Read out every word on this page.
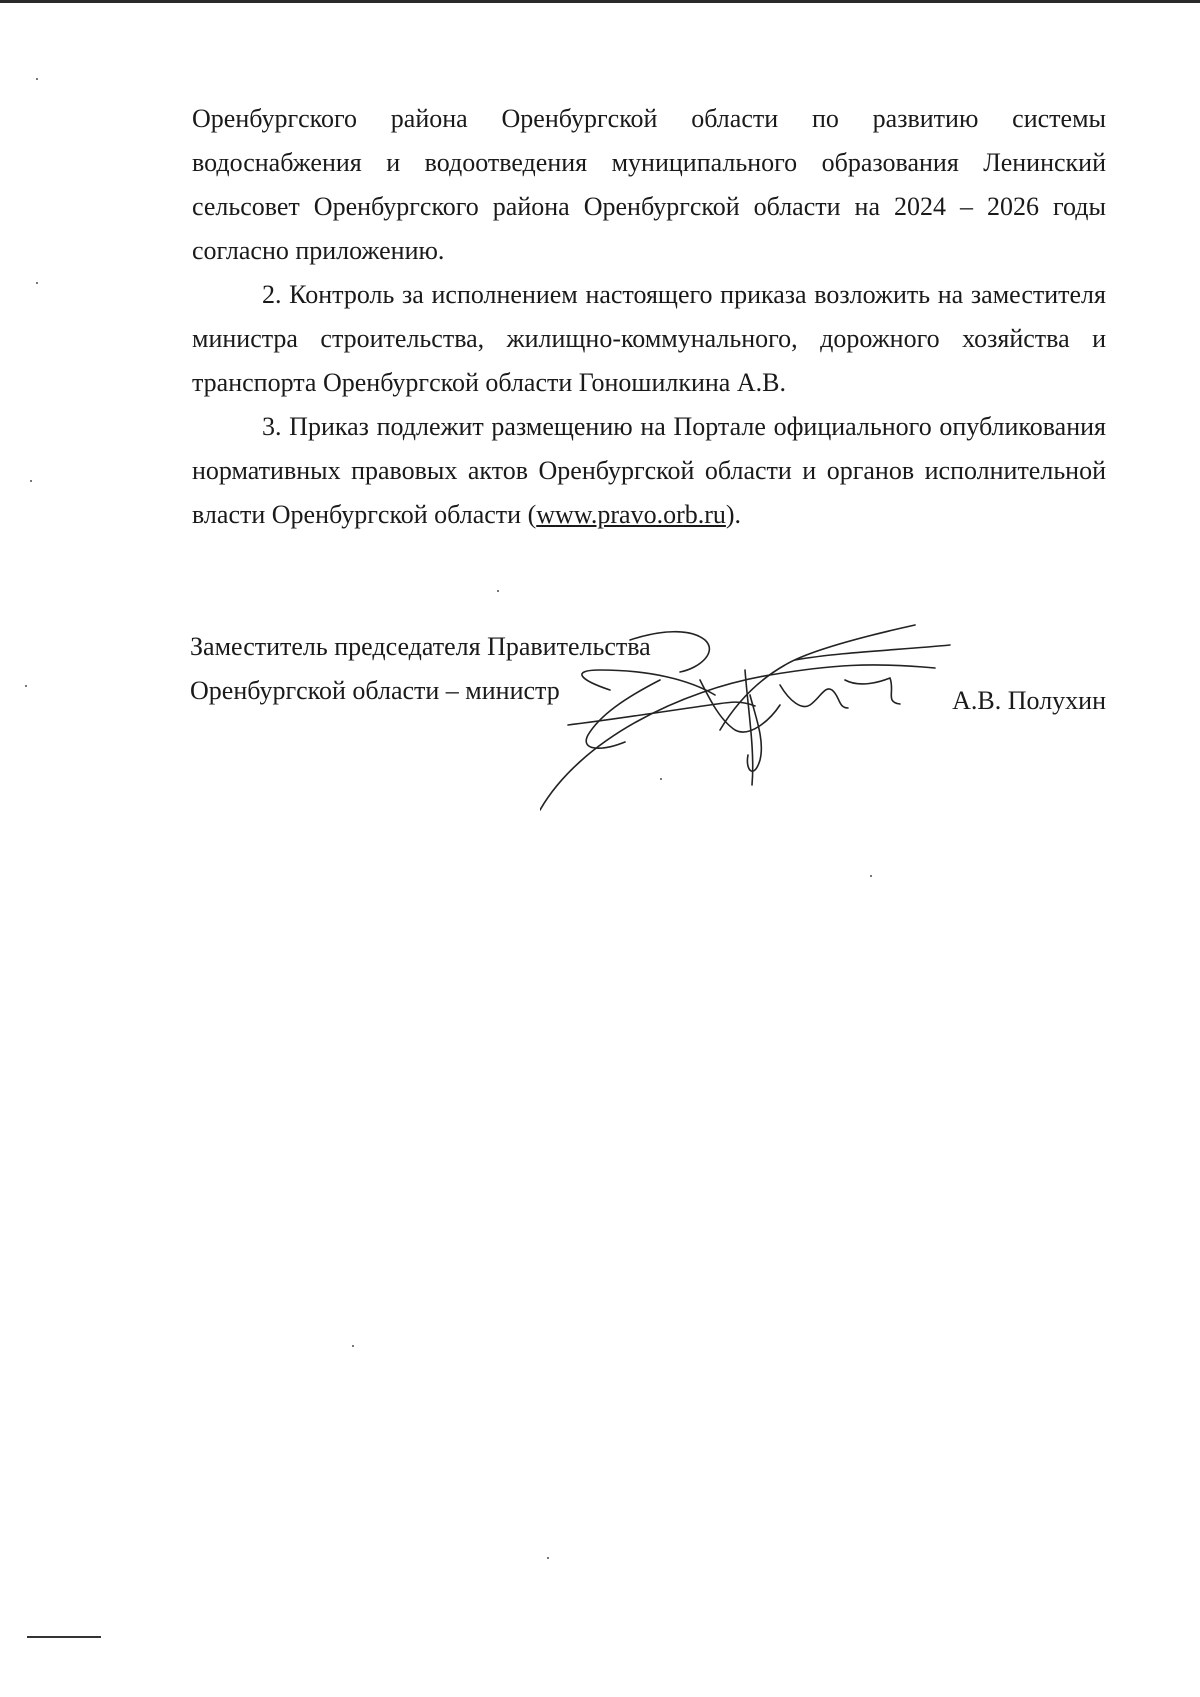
Оренбургского района Оренбургской области по развитию системы водоснабжения и водоотведения муниципального образования Ленинский сельсовет Оренбургского района Оренбургской области на 2024 – 2026 годы согласно приложению.

2. Контроль за исполнением настоящего приказа возложить на заместителя министра строительства, жилищно-коммунального, дорожного хозяйства и транспорта Оренбургской области Гоношилкина А.В.

3. Приказ подлежит размещению на Портале официального опубликования нормативных правовых актов Оренбургской области и органов исполнительной власти Оренбургской области (www.pravo.orb.ru).

Заместитель председателя Правительства
Оренбургской области – министр	А.В. Полухин
